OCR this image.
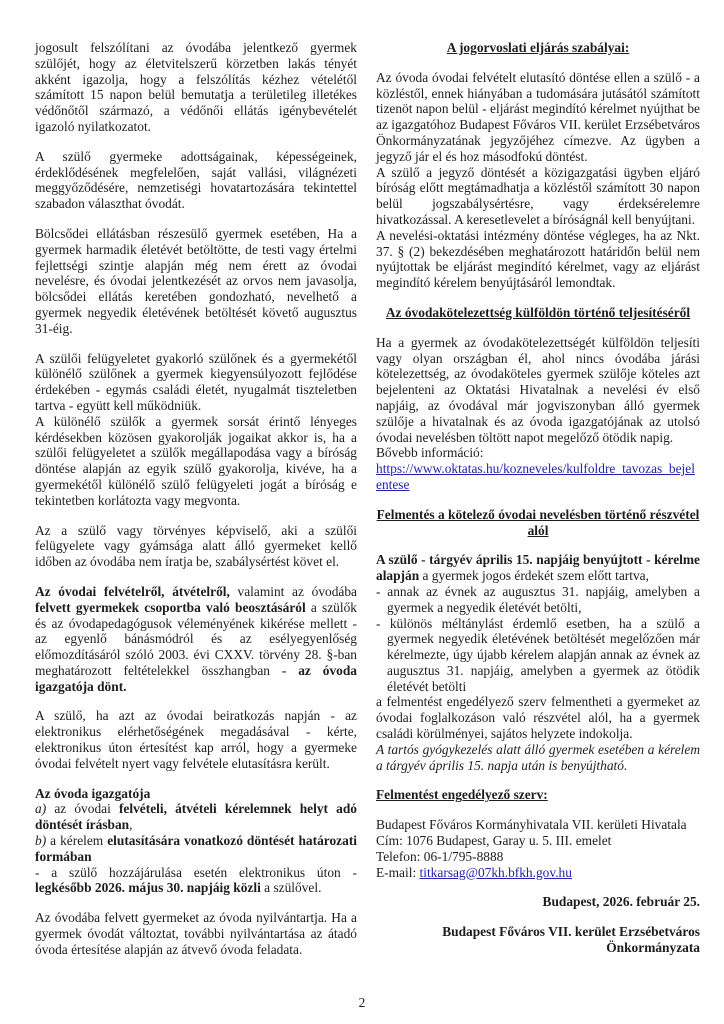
jogosult felszólítani az óvodába jelentkező gyermek szülőjét, hogy az életvitelszerű körzetben lakás tényét akként igazolja, hogy a felszólítás kézhez vételétől számított 15 napon belül bemutatja a területileg illetékes védőnőtől származó, a védőnői ellátás igénybevételét igazoló nyilatkozatot.

A szülő gyermeke adottságainak, képességeinek, érdeklődésének megfelelően, saját vallási, világnézeti meggyőződésére, nemzetiségi hovatartozására tekintettel szabadon választhat óvodát.

Bölcsődei ellátásban részesülő gyermek esetében, Ha a gyermek harmadik életévét betöltötte, de testi vagy értelmi fejlettségi szintje alapján még nem érett az óvodai nevelésre, és óvodai jelentkezését az orvos nem javasolja, bölcsődei ellátás keretében gondozható, nevelhető a gyermek negyedik életévének betöltését követő augusztus 31-éig.

A szülői felügyeletet gyakorló szülőnek és a gyermekétől különélő szülőnek a gyermek kiegyensúlyozott fejlődése érdekében - egymás családi életét, nyugalmát tiszteletben tartva - együtt kell működniük.

A különélő szülők a gyermek sorsát érintő lényeges kérdésekben közösen gyakorolják jogaikat akkor is, ha a szülői felügyeletet a szülők megállapodása vagy a bíróság döntése alapján az egyik szülő gyakorolja, kivéve, ha a gyermekétől különélő szülő felügyeleti jogát a bíróság e tekintetben korlátozta vagy megvonta.

Az a szülő vagy törvényes képviselő, aki a szülői felügyelete vagy gyámsága alatt álló gyermeket kellő időben az óvodába nem íratja be, szabálysértést követ el.

Az óvodai felvételről, átvételről, valamint az óvodába felvett gyermekek csoportba való beosztásáról a szülők és az óvodapedagógusok véleményének kikérése mellett - az egyenlő bánásmódról és az esélyegyenlőség előmozdításáról szóló 2003. évi CXXV. törvény 28. §-ban meghatározott feltételekkel összhangban - az óvoda igazgatója dönt.

A szülő, ha azt az óvodai beiratkozás napján - az elektronikus elérhetőségének megadásával - kérte, elektronikus úton értesítést kap arról, hogy a gyermeke óvodai felvételt nyert vagy felvétele elutasításra került.

Az óvoda igazgatója

a) az óvodai felvételi, átvételi kérelemnek helyt adó döntését írásban,

b) a kérelem elutasítására vonatkozó döntését határozati formában

- a szülő hozzájárulása esetén elektronikus úton - legkésőbb 2026. május 30. napjáig közli a szülővel.

Az óvodába felvett gyermeket az óvoda nyilvántartja. Ha a gyermek óvodát változtat, további nyilvántartása az átadó óvoda értesítése alapján az átvevő óvoda feladata.

A jogorvoslati eljárás szabályai:

Az óvoda óvodai felvételt elutasító döntése ellen a szülő - a közléstől, ennek hiányában a tudomására jutásától számított tizenöt napon belül - eljárást megindító kérelmet nyújthat be az igazgatóhoz Budapest Főváros VII. kerület Erzsébetváros Önkormányzatának jegyzőjéhez címezve. Az ügyben a jegyző jár el és hoz másodfokú döntést.

A szülő a jegyző döntését a közigazgatási ügyben eljáró bíróság előtt megtámadhatja a közléstől számított 30 napon belül jogszabálysértésre, vagy érdeksérelemre hivatkozással. A keresetlevelet a bíróságnál kell benyújtani.

A nevelési-oktatási intézmény döntése végleges, ha az Nkt. 37. § (2) bekezdésében meghatározott határidőn belül nem nyújtottak be eljárást megindító kérelmet, vagy az eljárást megindító kérelem benyújtásáról lemondtak.

Az óvodakötelezettség külföldön történő teljesítéséről

Ha a gyermek az óvodakötelezettségét külföldön teljesíti vagy olyan országban él, ahol nincs óvodába járási kötelezettség, az óvodaköteles gyermek szülője köteles azt bejelenteni az Oktatási Hivatalnak a nevelési év első napjáig, az óvodával már jogviszonyban álló gyermek szülője a hivatalnak és az óvoda igazgatójának az utolsó óvodai nevelésben töltött napot megelőző ötödik napig.

Bővebb információ:

https://www.oktatas.hu/kozneveles/kulfoldre_tavozas_bejelentese

Felmentés a kötelező óvodai nevelésben történő részvétel alól

A szülő - tárgyév április 15. napjáig benyújtott - kérelme alapján a gyermek jogos érdekét szem előtt tartva,

- annak az évnek az augusztus 31. napjáig, amelyben a gyermek a negyedik életévét betölti,

- különös méltánylást érdemlő esetben, ha a szülő a gyermek negyedik életévének betöltését megelőzően már kérelmezte, úgy újabb kérelem alapján annak az évnek az augusztus 31. napjáig, amelyben a gyermek az ötödik életévét betölti

a felmentést engedélyező szerv felmentheti a gyermeket az óvodai foglalkozáson való részvétel alól, ha a gyermek családi körülményei, sajátos helyzete indokolja.

A tartós gyógykezelés alatt álló gyermek esetében a kérelem a tárgyév április 15. napja után is benyújtható.

Felmentést engedélyező szerv:

Budapest Főváros Kormányhivatala VII. kerületi Hivatala

Cím: 1076 Budapest, Garay u. 5. III. emelet

Telefon: 06-1/795-8888

E-mail: titkarsag@07kh.bfkh.gov.hu

Budapest, 2026. február 25.

Budapest Főváros VII. kerület Erzsébetváros

Önkormányzata

2
